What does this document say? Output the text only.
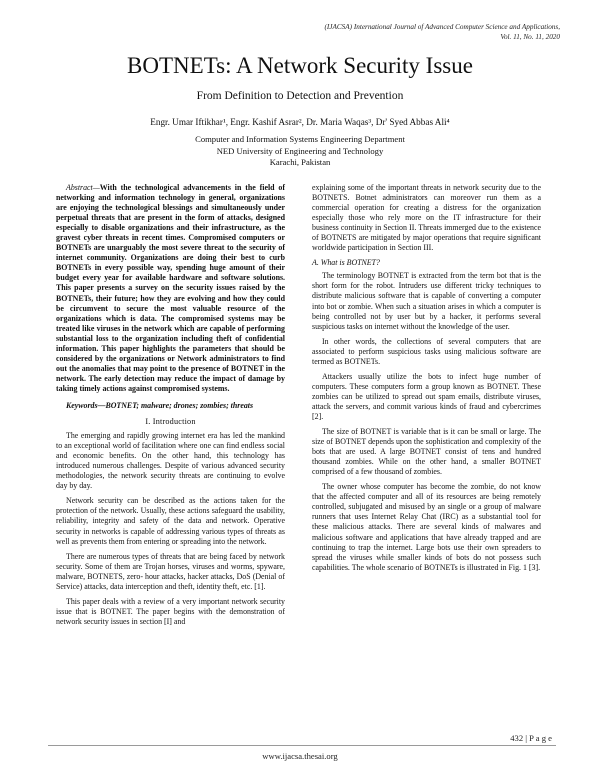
(IJACSA) International Journal of Advanced Computer Science and Applications,
Vol. 11, No. 11, 2020
BOTNETs: A Network Security Issue
From Definition to Detection and Prevention
Engr. Umar Iftikhar¹, Engr. Kashif Asrar², Dr. Maria Waqas³, Dr' Syed Abbas Ali⁴
Computer and Information Systems Engineering Department
NED University of Engineering and Technology
Karachi, Pakistan

Abstract—With the technological advancements in the field of networking and information technology in general, organizations are enjoying the technological blessings and simultaneously under perpetual threats that are present in the form of attacks, designed especially to disable organizations and their infrastructure, as the gravest cyber threats in recent times. Compromised computers or BOTNETs are unarguably the most severe threat to the security of internet community. Organizations are doing their best to curb BOTNETs in every possible way, spending huge amount of their budget every year for available hardware and software solutions. This paper presents a survey on the security issues raised by the BOTNETs, their future; how they are evolving and how they could be circumvent to secure the most valuable resource of the organizations which is data. The compromised systems may be treated like viruses in the network which are capable of performing substantial loss to the organization including theft of confidential information. This paper highlights the parameters that should be considered by the organizations or Network administrators to find out the anomalies that may point to the presence of BOTNET in the network. The early detection may reduce the impact of damage by taking timely actions against compromised systems.

Keywords—BOTNET; malware; drones; zombies; threats

I. Introduction

The emerging and rapidly growing internet era has led the mankind to an exceptional world of facilitation where one can find endless social and economic benefits. On the other hand, this technology has introduced numerous challenges. Despite of various advanced security methodologies, the network security threats are continuing to evolve day by day.

Network security can be described as the actions taken for the protection of the network. Usually, these actions safeguard the usability, reliability, integrity and safety of the data and network. Operative security in networks is capable of addressing various types of threats as well as prevents them from entering or spreading into the network.

There are numerous types of threats that are being faced by network security. Some of them are Trojan horses, viruses and worms, spyware, malware, BOTNETS, zero- hour attacks, hacker attacks, DoS (Denial of Service) attacks, data interception and theft, identity theft, etc. [1].

This paper deals with a review of a very important network security issue that is BOTNET. The paper begins with the demonstration of network security issues in section [I] and

explaining some of the important threats in network security due to the BOTNETS. Botnet administrators can moreover run them as a commercial operation for creating a distress for the organization especially those who rely more on the IT infrastructure for their business continuity in Section II. Threats immerged due to the existence of BOTNETS are mitigated by major operations that require significant worldwide participation in Section III.

A. What is BOTNET?

The terminology BOTNET is extracted from the term bot that is the short form for the robot. Intruders use different tricky techniques to distribute malicious software that is capable of converting a computer into bot or zombie. When such a situation arises in which a computer is being controlled not by user but by a hacker, it performs several suspicious tasks on internet without the knowledge of the user.

In other words, the collections of several computers that are associated to perform suspicious tasks using malicious software are termed as BOTNETs.

Attackers usually utilize the bots to infect huge number of computers. These computers form a group known as BOTNET. These zombies can be utilized to spread out spam emails, distribute viruses, attack the servers, and commit various kinds of fraud and cybercrimes [2].

The size of BOTNET is variable that is it can be small or large. The size of BOTNET depends upon the sophistication and complexity of the bots that are used. A large BOTNET consist of tens and hundred thousand zombies. While on the other hand, a smaller BOTNET comprised of a few thousand of zombies.

The owner whose computer has become the zombie, do not know that the affected computer and all of its resources are being remotely controlled, subjugated and misused by an single or a group of malware runners that uses Internet Relay Chat (IRC) as a substantial tool for these malicious attacks. There are several kinds of malwares and malicious software and applications that have already trapped and are continuing to trap the internet. Large bots use their own spreaders to spread the viruses while smaller kinds of bots do not possess such capabilities. The whole scenario of BOTNETs is illustrated in Fig. 1 [3].

432 | P a g e
www.ijacsa.thesai.org
